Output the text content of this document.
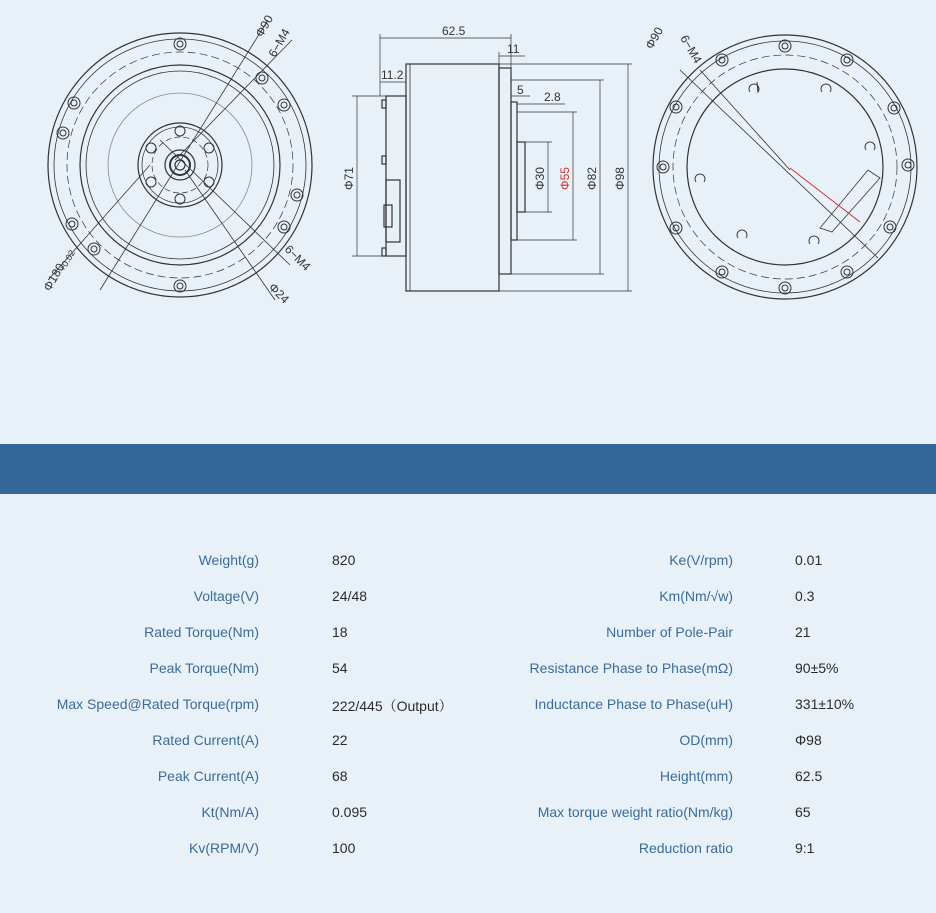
Φ90
6−M4
6−M4
Φ24
Φ180
+0.02
62.5
11
11.2
5 2.8
Φ71	Φ30 Φ55 Φ82 Φ98
Φ90 6−M4
Weight(g)	820	Ke(V/rpm)	0.01
Voltage(V)	24/48	Km(Nm/√w)	0.3
Rated Torque(Nm)	18	Number of Pole-Pair	21
Peak Torque(Nm)	54	Resistance Phase to Phase(mΩ)	90±5%
Max Speed@Rated Torque(rpm)	222/445（Output）	Inductance Phase to Phase(uH)	331±10%
Rated Current(A)	22	OD(mm)	Φ98
Peak Current(A)	68	Height(mm)	62.5
Kt(Nm/A)	0.095	Max torque weight ratio(Nm/kg)	65
Kv(RPM/V)	100	Reduction ratio	9:1
